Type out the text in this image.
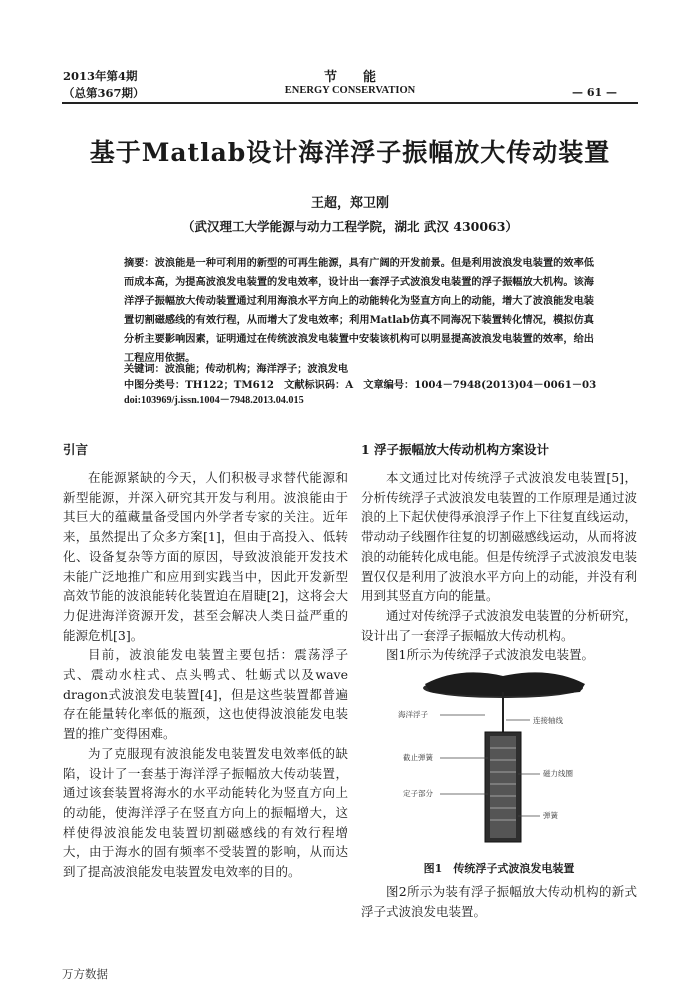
2013年第4期
（总第367期）
节　　能
ENERGY CONSERVATION	— 61 —
基于Matlab设计海洋浮子振幅放大传动装置
王超，郑卫刚
（武汉理工大学能源与动力工程学院，湖北 武汉 430063）
摘要：波浪能是一种可利用的新型的可再生能源，具有广阔的开发前景。但是利用波浪发电装置的效率低而成本高，为提高波浪发电装置的发电效率，设计出一套浮子式波浪发电装置的浮子振幅放大机构。该海洋浮子振幅放大传动装置通过利用海浪水平方向上的动能转化为竖直方向上的动能，增大了波浪能发电装置切割磁感线的有效行程，从而增大了发电效率；利用Matlab仿真不同海况下装置转化情况，模拟仿真分析主要影响因素，证明通过在传统波浪发电装置中安装该机构可以明显提高波浪发电装置的效率，给出工程应用依据。
关键词：波浪能；传动机构；海洋浮子；波浪发电
中图分类号：TH122；TM612　文献标识码：A　文章编号：1004－7948(2013)04－0061－03
doi:103969/j.issn.1004－7948.2013.04.015
引言

在能源紧缺的今天，人们积极寻求替代能源和新型能源，并深入研究其开发与利用。波浪能由于其巨大的蕴藏量备受国内外学者专家的关注。近年来，虽然提出了众多方案[1]，但由于高投入、低转化、设备复杂等方面的原因，导致波浪能开发技术未能广泛地推广和应用到实践当中，因此开发新型高效节能的波浪能转化装置迫在眉睫[2]，这将会大力促进海洋资源开发，甚至会解决人类日益严重的能源危机[3]。

目前，波浪能发电装置主要包括：震荡浮子式、震动水柱式、点头鸭式、牡蛎式以及wave dragon式波浪发电装置[4]，但是这些装置都普遍存在能量转化率低的瓶颈，这也使得波浪能发电装置的推广变得困难。

为了克服现有波浪能发电装置发电效率低的缺陷，设计了一套基于海洋浮子振幅放大传动装置，通过该套装置将海水的水平动能转化为竖直方向上的动能，使海洋浮子在竖直方向上的振幅增大，这样使得波浪能发电装置切割磁感线的有效行程增大，由于海水的固有频率不受装置的影响，从而达到了提高波浪能发电装置发电效率的目的。

1 浮子振幅放大传动机构方案设计

本文通过比对传统浮子式波浪发电装置[5]，分析传统浮子式波浪发电装置的工作原理是通过波浪的上下起伏使得承浪浮子作上下往复直线运动，带动动子线圈作往复的切割磁感线运动，从而将波浪的动能转化成电能。但是传统浮子式波浪发电装置仅仅是利用了波浪水平方向上的动能，并没有利用到其竖直方向的能量。

通过对传统浮子式波浪发电装置的分析研究，设计出了一套浮子振幅放大传动机构。

图1所示为传统浮子式波浪发电装置。

海洋浮子
连接轴线
截止弹簧
磁力线圈
定子部分
弹簧
图1　传统浮子式波浪发电装置

图2所示为装有浮子振幅放大传动机构的新式浮子式波浪发电装置。

万方数据
